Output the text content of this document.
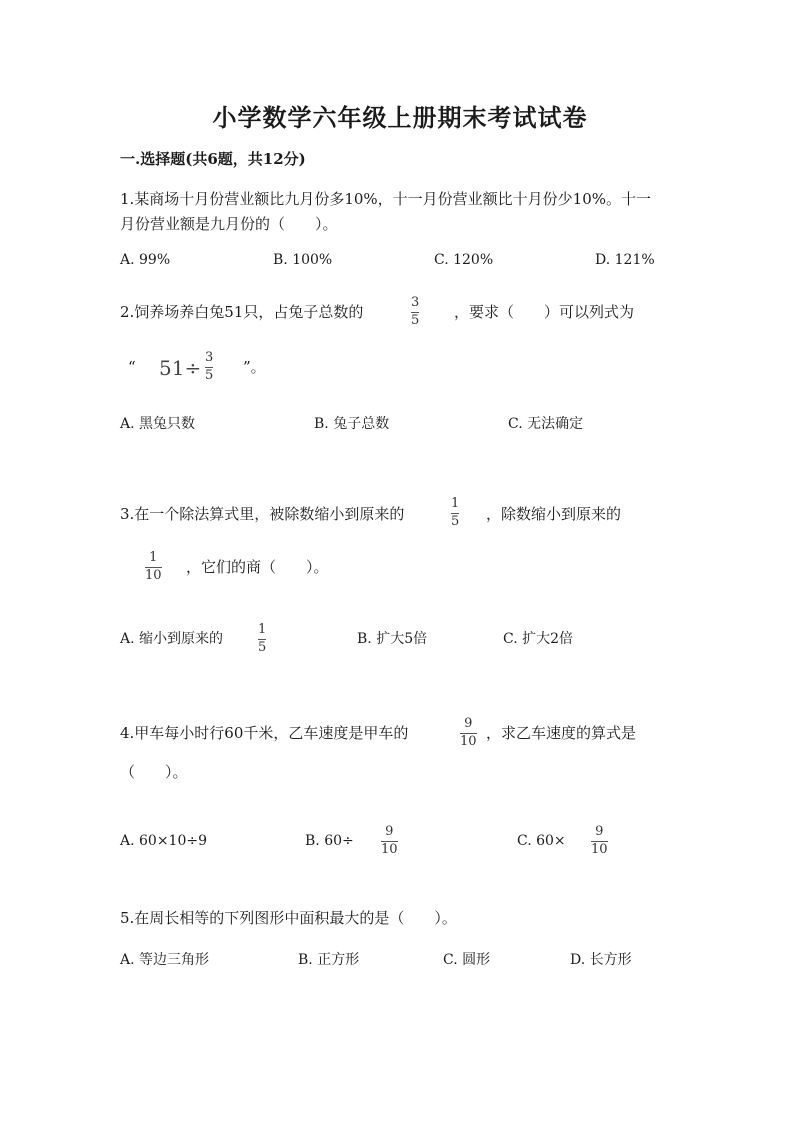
小学数学六年级上册期末考试试卷
一.选择题(共6题，共12分)
1.某商场十月份营业额比九月份多10%，十一月份营业额比十月份少10%。十一
月份营业额是九月份的（　　）。
A. 99%	B. 100%	C. 120%	D. 121%
2.饲养场养白兔51只，占兔子总数的
3
5 ，要求（　　）可以列式为
“ 51÷ 3
5 ”。
A. 黑兔只数	B. 兔子总数	C. 无法确定
3.在一个除法算式里，被除数缩小到原来的
1
5 ，除数缩小到原来的
1
10 ，它们的商（　　）。
A. 缩小到原来的
1
5
B. 扩大5倍	C. 扩大2倍
4.甲车每小时行60千米，乙车速度是甲车的
9
10 ，求乙车速度的算式是
（　　）。
A. 60×10÷9	B. 60÷
9
10
C. 60×
9
10
5.在周长相等的下列图形中面积最大的是（　　）。
A. 等边三角形	B. 正方形	C. 圆形	D. 长方形
